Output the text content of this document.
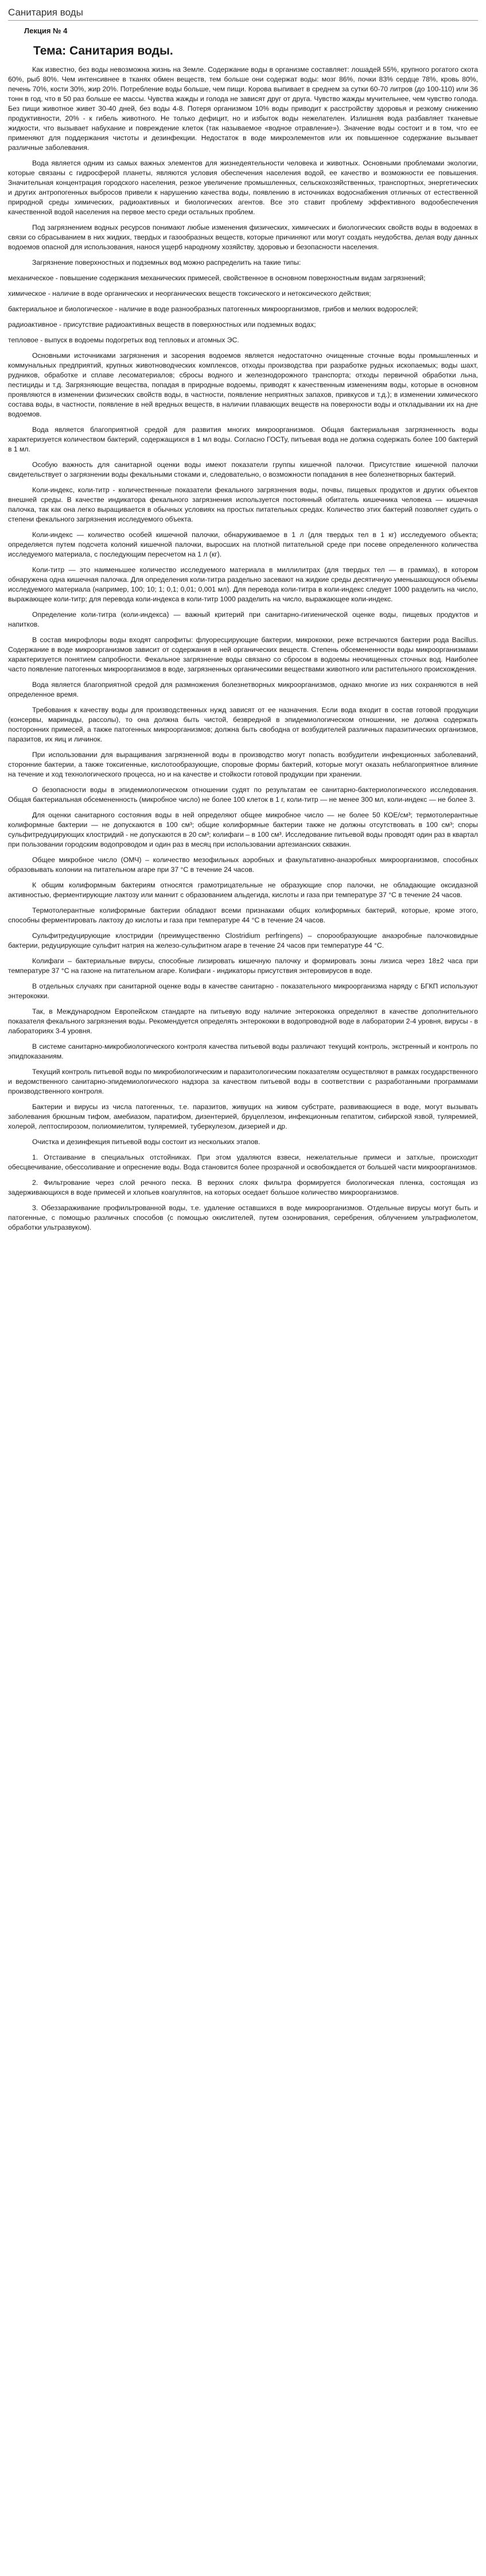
Санитария воды
Лекция № 4
Тема: Санитария воды.

Как известно, без воды невозможна жизнь на Земле. Содержание воды в организме составляет: лошадей 55%, крупного рогатого скота 60%, рыб 80%. Чем интенсивнее в тканях обмен веществ, тем больше они содержат воды: мозг 86%, почки 83% сердце 78%, кровь 80%, печень 70%, кости 30%, жир 20%. Потребление воды больше, чем пищи. Корова выпивает в среднем за сутки 60-70 литров (до 100-110) или 36 тонн в год, что в 50 раз больше ее массы. Чувства жажды и голода не зависят друг от друга. Чувство жажды мучительнее, чем чувство голода. Без пищи животное живет 30-40 дней, без воды 4-8. Потеря организмом 10% воды приводит к расстройству здоровья и резкому снижению продуктивности, 20% - к гибель животного. Не только дефицит, но и избыток воды нежелателен. Излишняя вода разбавляет тканевые жидкости, что вызывает набухание и повреждение клеток (так называемое «водное отравление»). Значение воды состоит и в том, что ее применяют для поддержания чистоты и дезинфекции. Недостаток в воде микроэлементов или их повышенное содержание вызывает различные заболевания.

Вода является одним из самых важных элементов для жизнедеятельности человека и животных. Основными проблемами экологии, которые связаны с гидросферой планеты, являются условия обеспечения населения водой, ее качество и возможности ее повышения. Значительная концентрация городского населения, резкое увеличение промышленных, сельскохозяйственных, транспортных, энергетических и других антропогенных выбросов привели к нарушению качества воды, появлению в источниках водоснабжения отличных от естественной природной среды химических, радиоактивных и биологических агентов. Все это ставит проблему эффективного водообеспечения качественной водой населения на первое место среди остальных проблем.

Под загрязнением водных ресурсов понимают любые изменения физических, химических и биологических свойств воды в водоемах в связи со сбрасыванием в них жидких, твердых и газообразных веществ, которые причиняют или могут создать неудобства, делая воду данных водоемов опасной для использования, нанося ущерб народному хозяйству, здоровью и безопасности населения.

Загрязнение поверхностных и подземных вод можно распределить на такие типы:

механическое - повышение содержания механических примесей, свойственное в основном поверхностным видам загрязнений;

химическое - наличие в воде органических и неорганических веществ токсического и нетоксического действия;

бактериальное и биологическое - наличие в воде разнообразных патогенных микроорганизмов, грибов и мелких водорослей;

радиоактивное - присутствие радиоактивных веществ в поверхностных или подземных водах;

тепловое - выпуск в водоемы подогретых вод тепловых и атомных ЭС.

Основными источниками загрязнения и засорения водоемов является недостаточно очищенные сточные воды промышленных и коммунальных предприятий, крупных животноводческих комплексов, отходы производства при разработке рудных ископаемых; воды шахт, рудников, обработке и сплаве лесоматериалов; сбросы водного и железнодорожного транспорта; отходы первичной обработки льна, пестициды и т.д. Загрязняющие вещества, попадая в природные водоемы, приводят к качественным изменениям воды, которые в основном проявляются в изменении физических свойств воды, в частности, появление неприятных запахов, привкусов и т.д.); в изменении химического состава воды, в частности, появление в ней вредных веществ, в наличии плавающих веществ на поверхности воды и откладывании их на дне водоемов.

Вода является благоприятной средой для развития многих микроорганизмов. Общая бактериальная загрязненность воды характеризуется количеством бактерий, содержащихся в 1 мл воды. Согласно ГОСТу, питьевая вода не должна содержать более 100 бактерий в 1 мл.

Особую важность для санитарной оценки воды имеют показатели группы кишечной палочки. Присутствие кишечной палочки свидетельствует о загрязнении воды фекальными стоками и, следовательно, о возможности попадания в нее болезнетворных бактерий.

Коли-индекс, коли-титр - количественные показатели фекального загрязнения воды, почвы, пищевых продуктов и других объектов внешней среды. В качестве индикатора фекального загрязнения используется постоянный обитатель кишечника человека — кишечная палочка, так как она легко выращивается в обычных условиях на простых питательных средах. Количество этих бактерий позволяет судить о степени фекального загрязнения исследуемого объекта.

Коли-индекс — количество особей кишечной палочки, обнаруживаемое в 1 л (для твердых тел в 1 кг) исследуемого объекта; определяется путем подсчета колоний кишечной палочки, выросших на плотной питательной среде при посеве определенного количества исследуемого материала, с последующим пересчетом на 1 л (кг).

Коли-титр — это наименьшее количество исследуемого материала в миллилитрах (для твердых тел — в граммах), в котором обнаружена одна кишечная палочка. Для определения коли-титра раздельно засевают на жидкие среды десятичную уменьшающуюся объемы исследуемого материала (например, 100; 10; 1; 0,1; 0,01; 0,001 мл). Для перевода коли-титра в коли-индекс следует 1000 разделить на число, выражающее коли-титр; для перевода коли-индекса в коли-титр 1000 разделить на число, выражающее коли-индекс.

Определение коли-титра (коли-индекса) — важный критерий при санитарно-гигиенической оценке воды, пищевых продуктов и напитков.

В состав микрофлоры воды входят сапрофиты: флуоресцирующие бактерии, микрококки, реже встречаются бактерии рода Bacillus. Содержание в воде микроорганизмов зависит от содержания в ней органических веществ. Степень обсемененности воды микроорганизмами характеризуется понятием сапробности. Фекальное загрязнение воды связано со сбросом в водоемы неочищенных сточных вод. Наиболее часто появление патогенных микроорганизмов в воде, загрязненных органическими веществами животного или растительного происхождения.

Вода является благоприятной средой для размножения болезнетворных микроорганизмов, однако многие из них сохраняются в ней определенное время.

Требования к качеству воды для производственных нужд зависят от ее назначения. Если вода входит в состав готовой продукции (консервы, маринады, рассолы), то она должна быть чистой, безвредной в эпидемиологическом отношении, не должна содержать посторонних примесей, а также патогенных микроорганизмов; должна быть свободна от возбудителей различных паразитических организмов, паразитов, их яиц и личинок.

При использовании для выращивания загрязненной воды в производство могут попасть возбудители инфекционных заболеваний, сторонние бактерии, а также токсигенные, кислотообразующие, споровые формы бактерий, которые могут оказать неблагоприятное влияние на течение и ход технологического процесса, но и на качестве и стойкости готовой продукции при хранении.

О безопасности воды в эпидемиологическом отношении судят по результатам ее санитарно-бактериологического исследования. Общая бактериальная обсемененность (микробное число) не более 100 клеток в 1 г, коли-титр — не менее 300 мл, коли-индекс — не более 3.

Для оценки санитарного состояния воды в ней определяют общее микробное число — не более 50 КОЕ/см³; термотолерантные колиформные бактерии — не допускаются в 100 см³; общие колиформные бактерии также не должны отсутствовать в 100 см³; споры сульфитредуцирующих клостридий - не допускаются в 20 см³; колифаги – в 100 см³. Исследование питьевой воды проводят один раз в квартал при пользовании городским водопроводом и один раз в месяц при использовании артезианских скважин.

Общее микробное число (ОМЧ) – количество мезофильных аэробных и факультативно-анаэробных микроорганизмов, способных образовывать колонии на питательном агаре при 37 °С в течение 24 часов.

К общим колиформным бактериям относятся грамотрицательные не образующие спор палочки, не обладающие оксидазной активностью, ферментирующие лактозу или маннит с образованием альдегида, кислоты и газа при температуре 37 °С в течение 24 часов.

Термотолерантные колиформные бактерии обладают всеми признаками общих колиформных бактерий, которые, кроме этого, способны ферментировать лактозу до кислоты и газа при температуре 44 °С в течение 24 часов.

Сульфитредуцирующие клостридии (преимущественно Clostridium perfringens) – спорообразующие анаэробные палочковидные бактерии, редуцирующие сульфит натрия на железо-сульфитном агаре в течение 24 часов при температуре 44 °С.

Колифаги – бактериальные вирусы, способные лизировать кишечную палочку и формировать зоны лизиса через 18±2 часа при температуре 37 °С на газоне на питательном агаре. Колифаги - индикаторы присутствия энтеровирусов в воде.

В отдельных случаях при санитарной оценке воды в качестве санитарно - показательного микроорганизма наряду с БГКП используют энтерококки.

Так, в Международном Европейском стандарте на питьевую воду наличие энтерококка определяют в качестве дополнительного показателя фекального загрязнения воды. Рекомендуется определять энтерококки в водопроводной воде в лаборатории 2-4 уровня, вирусы - в лабораториях 3-4 уровня.

В системе санитарно-микробиологического контроля качества питьевой воды различают текущий контроль, экстренный и контроль по эпидпоказаниям.

Текущий контроль питьевой воды по микробиологическим и паразитологическим показателям осуществляют в рамках государственного и ведомственного санитарно-эпидемиологического надзора за качеством питьевой воды в соответствии с разработанными программами производственного контроля.

Бактерии и вирусы из числа патогенных, т.е. паразитов, живущих на живом субстрате, развивающиеся в воде, могут вызывать заболевания брюшным тифом, амебиазом, паратифом, дизентерией, бруцеллезом, инфекционным гепатитом, сибирской язвой, туляремией, холерой, лептоспирозом, полиомиелитом, туляремией, туберкулезом, дизерией и др.

Очистка и дезинфекция питьевой воды состоит из нескольких этапов.

1. Отстаивание в специальных отстойниках. При этом удаляются взвеси, нежелательные примеси и затхлые, происходит обесцвечивание, обессоливание и опреснение воды. Вода становится более прозрачной и освобождается от большей части микроорганизмов.

2. Фильтрование через слой речного песка. В верхних слоях фильтра формируется биологическая пленка, состоящая из задерживающихся в воде примесей и хлопьев коагулянтов, на которых оседает большое количество микроорганизмов.

3. Обеззараживание профильтрованной воды, т.е. удаление оставшихся в воде микроорганизмов. Отдельные вирусы могут быть и патогенные, с помощью различных способов (с помощью окислителей, путем озонирования, серебрения, облучением ультрафиолетом, обработки ультразвуком).
